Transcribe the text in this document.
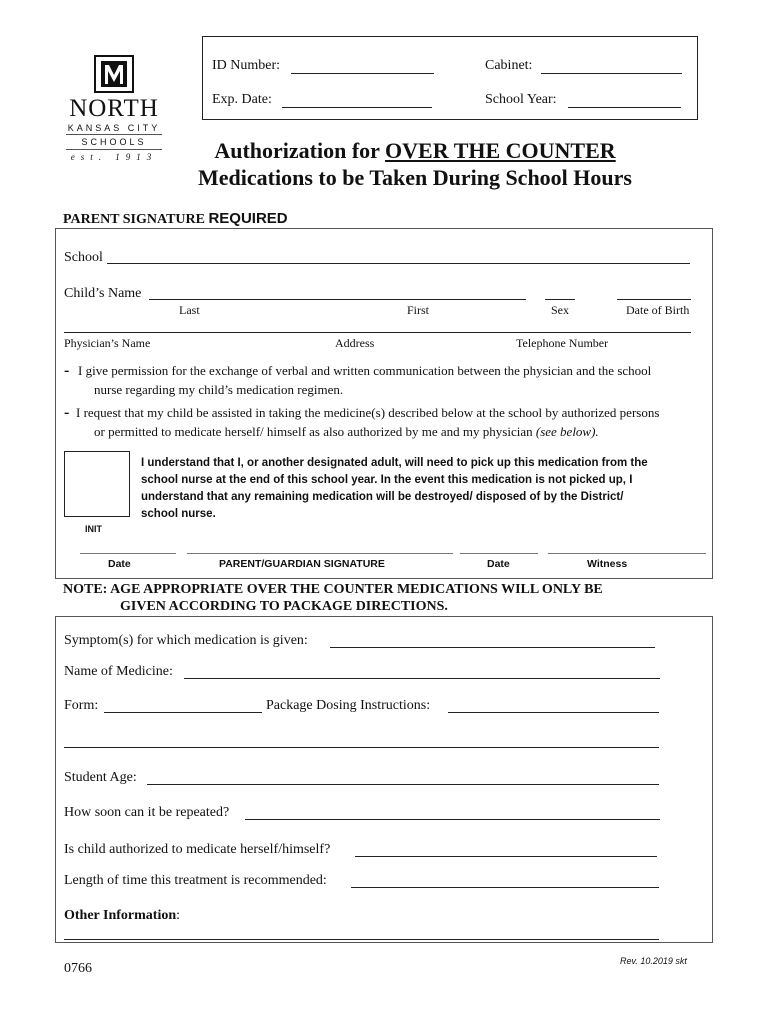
NORTH
KANSAS CITY
SCHOOLS
est. 1913
ID Number:	Cabinet:
Exp. Date:	School Year:
Authorization for OVER THE COUNTER
Medications to be Taken During School Hours
PARENT SIGNATURE REQUIRED
School
Child’s Name
Last	First	Sex	Date of Birth
Physician’s Name	Address	Telephone Number
- I give permission for the exchange of verbal and written communication between the physician and the school
nurse regarding my child’s medication regimen.
- I request that my child be assisted in taking the medicine(s) described below at the school by authorized persons
or permitted to medicate herself/ himself as also authorized by me and my physician (see below).
INIT
I understand that I, or another designated adult, will need to pick up this medication from the
school nurse at the end of this school year. In the event this medication is not picked up, I
understand that any remaining medication will be destroyed/ disposed of by the District/
school nurse.
Date	PARENT/GUARDIAN SIGNATURE	Date	Witness
NOTE: AGE APPROPRIATE OVER THE COUNTER MEDICATIONS WILL ONLY BE
GIVEN ACCORDING TO PACKAGE DIRECTIONS.
Symptom(s) for which medication is given:
Name of Medicine:
Form:	Package Dosing Instructions:
Student Age:
How soon can it be repeated?
Is child authorized to medicate herself/himself?
Length of time this treatment is recommended:
Other Information:
0766	Rev. 10.2019 skt
